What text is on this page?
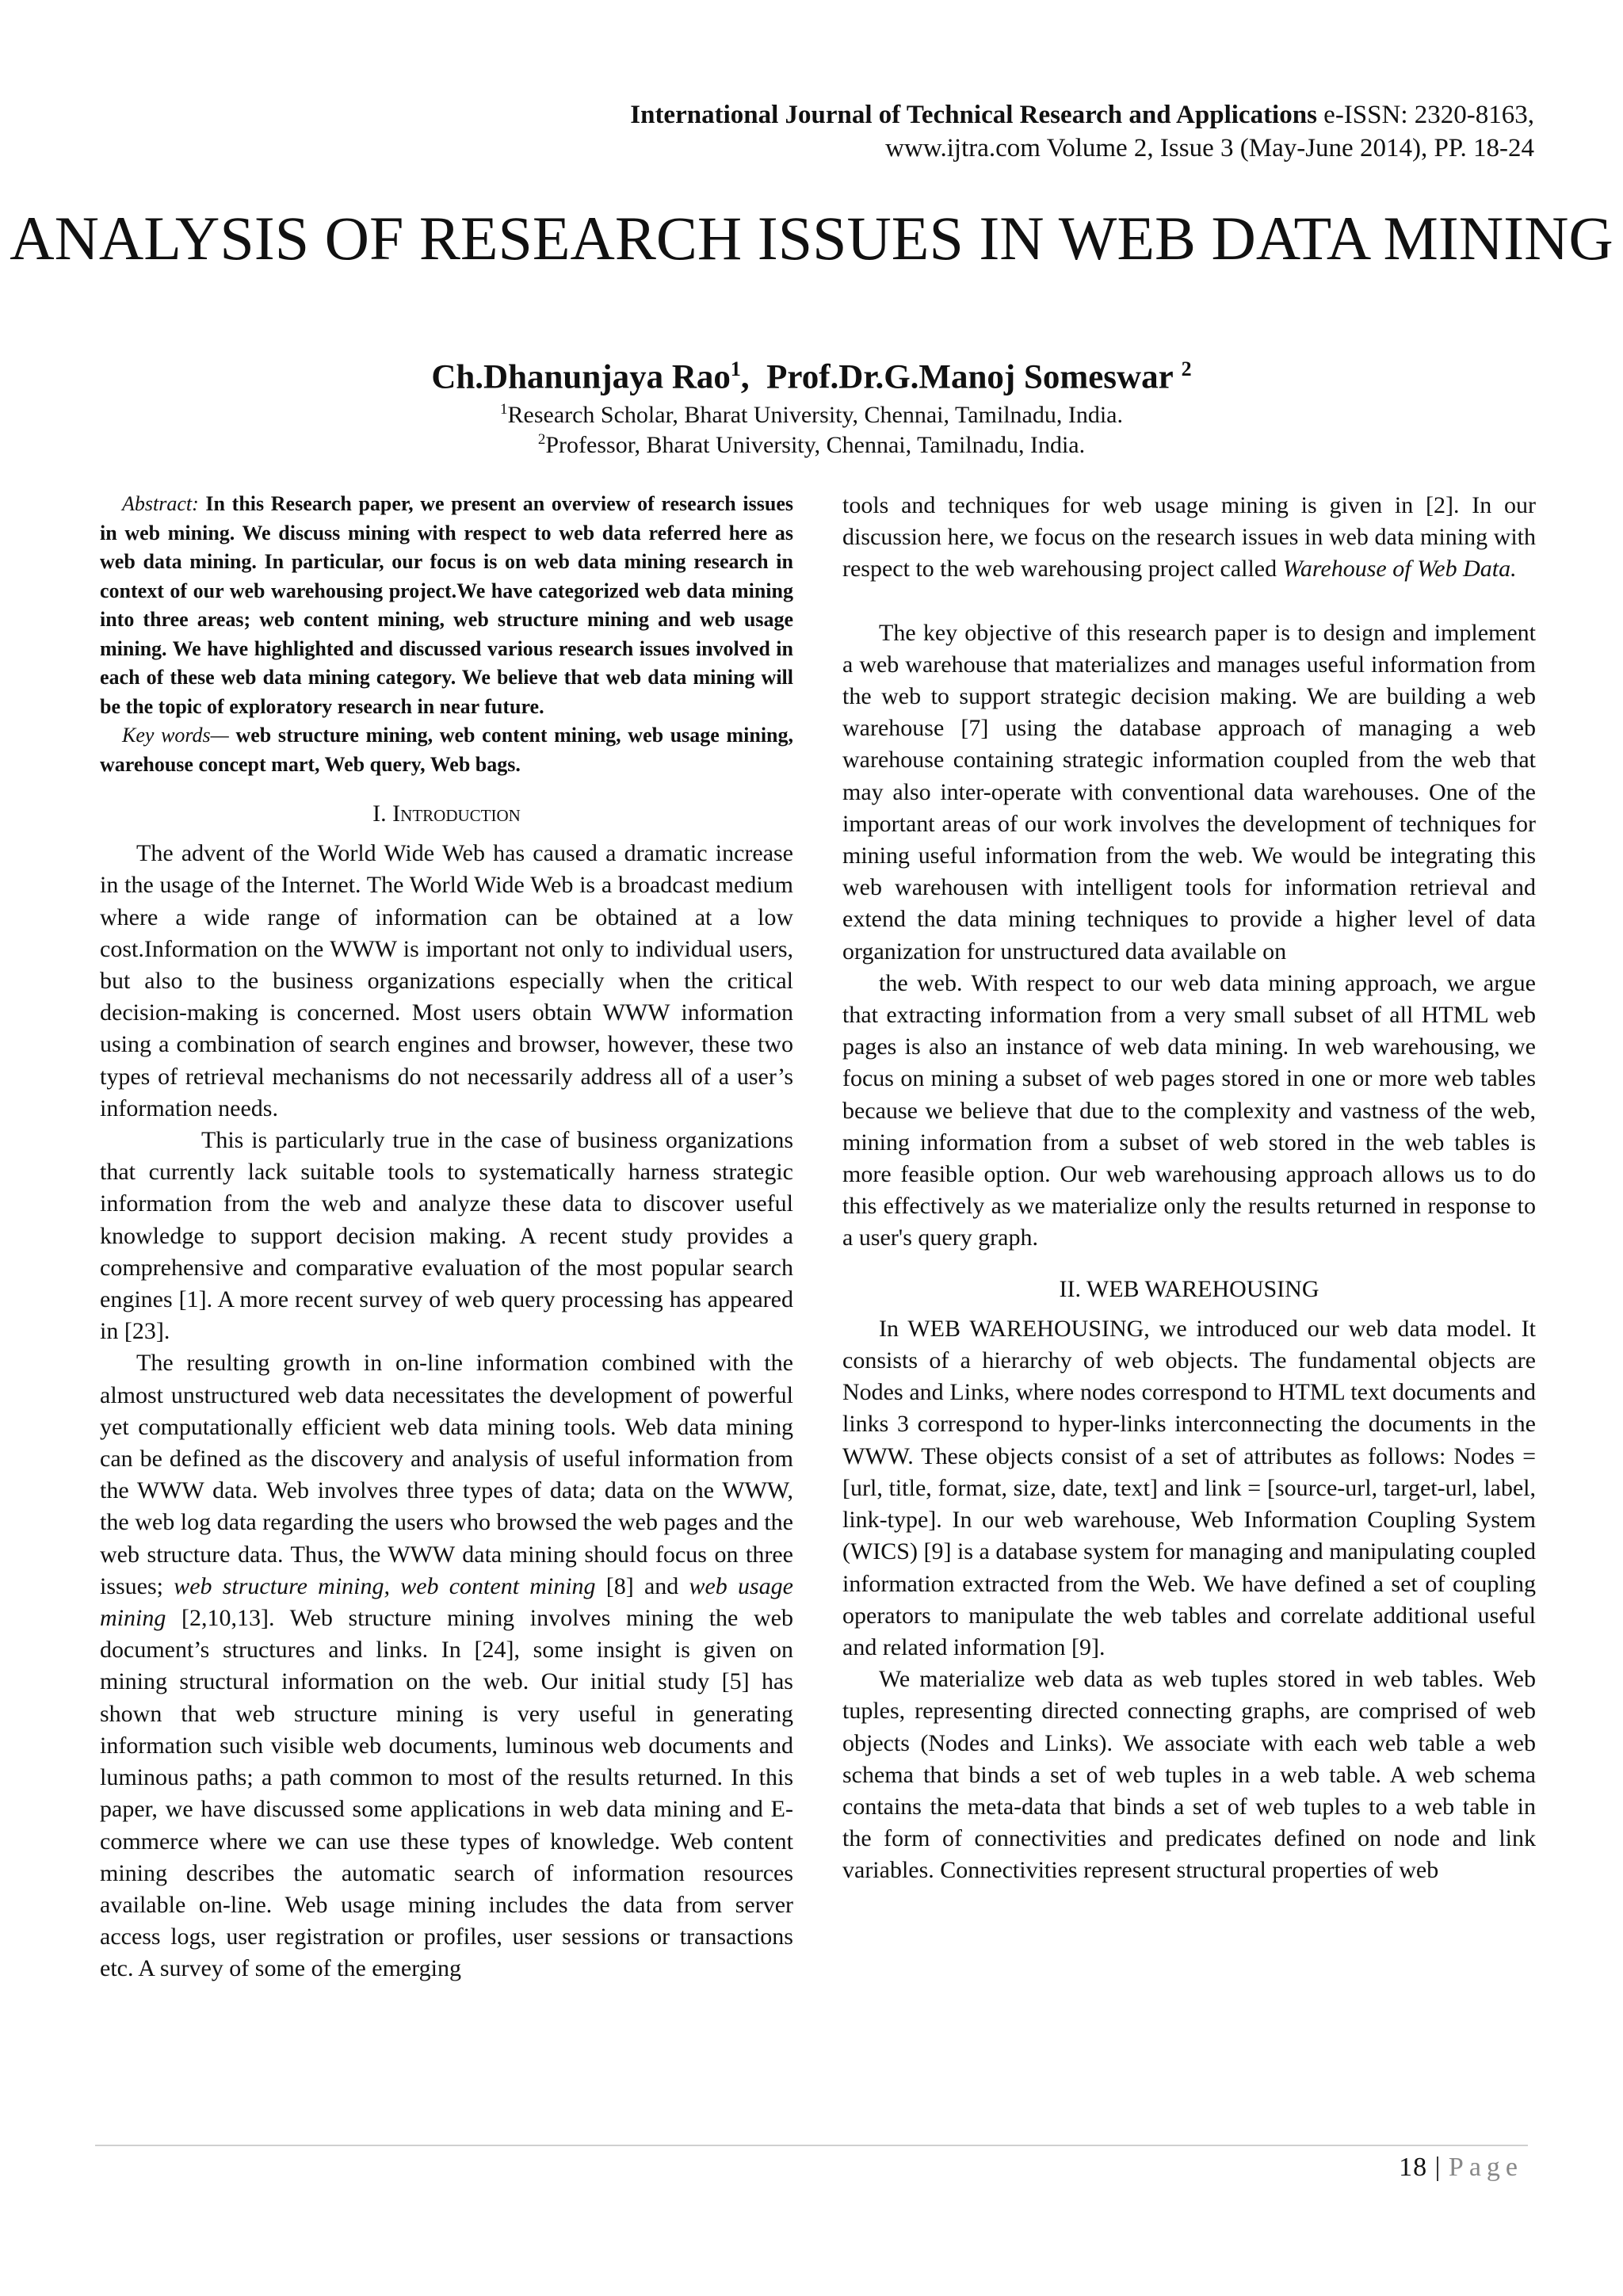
International Journal of Technical Research and Applications e-ISSN: 2320-8163,
www.ijtra.com Volume 2, Issue 3 (May-June 2014), PP. 18-24
ANALYSIS OF RESEARCH ISSUES IN WEB DATA MINING
Ch.Dhanunjaya Rao$^1$,  Prof.Dr.G.Manoj Someswar $^2$
$^1$Research Scholar, Bharat University, Chennai, Tamilnadu, India.
$^2$Professor, Bharat University, Chennai, Tamilnadu, India.

Abstract: In this Research paper, we present an overview of research issues in web mining. We discuss mining with respect to web data referred here as web data mining. In particular, our focus is on web data mining research in context of our web warehousing project.We have categorized web data mining into three areas; web content mining, web structure mining and web usage mining. We have highlighted and discussed various research issues involved in each of these web data mining category. We believe that web data mining will be the topic of exploratory research in near future.

Key words— web structure mining, web content mining, web usage mining, warehouse concept mart, Web query, Web bags.

I. Introduction

The advent of the World Wide Web has caused a dramatic increase in the usage of the Internet. The World Wide Web is a broadcast medium where a wide range of information can be obtained at a low cost.Information on the WWW is important not only to individual users, but also to the business organizations especially when the critical decision-making is concerned. Most users obtain WWW information using a combination of search engines and browser, however, these two types of retrieval mechanisms do not necessarily address all of a user’s information needs.

This is particularly true in the case of business organizations that currently lack suitable tools to systematically harness strategic information from the web and analyze these data to discover useful knowledge to support decision making. A recent study provides a comprehensive and comparative evaluation of the most popular search engines [1]. A more recent survey of web query processing has appeared in [23].

The resulting growth in on-line information combined with the almost unstructured web data necessitates the development of powerful yet computationally efficient web data mining tools. Web data mining can be defined as the discovery and analysis of useful information from the WWW data. Web involves three types of data; data on the WWW, the web log data regarding the users who browsed the web pages and the web structure data. Thus, the WWW data mining should focus on three issues; web structure mining, web content mining [8] and web usage mining [2,10,13]. Web structure mining involves mining the web document’s structures and links. In [24], some insight is given on mining structural information on the web. Our initial study [5] has shown that web structure mining is very useful in generating information such visible web documents, luminous web documents and luminous paths; a path common to most of the results returned. In this paper, we have discussed some applications in web data mining and E-commerce where we can use these types of knowledge. Web content mining describes the automatic search of information resources available on-line. Web usage mining includes the data from server access logs, user registration or profiles, user sessions or transactions etc. A survey of some of the emerging

tools and techniques for web usage mining is given in [2]. In our discussion here, we focus on the research issues in web data mining with respect to the web warehousing project called Warehouse of Web Data.

The key objective of this research paper is to design and implement a web warehouse that materializes and manages useful information from the web to support strategic decision making. We are building a web warehouse [7] using the database approach of managing a web warehouse containing strategic information coupled from the web that may also inter-operate with conventional data warehouses. One of the important areas of our work involves the development of techniques for mining useful information from the web. We would be integrating this web warehousen with intelligent tools for information retrieval and extend the data mining techniques to provide a higher level of data organization for unstructured data available on

the web. With respect to our web data mining approach, we argue that extracting information from a very small subset of all HTML web pages is also an instance of web data mining. In web warehousing, we focus on mining a subset of web pages stored in one or more web tables because we believe that due to the complexity and vastness of the web, mining information from a subset of web stored in the web tables is more feasible option. Our web warehousing approach allows us to do this effectively as we materialize only the results returned in response to a user's query graph.

II. WEB WAREHOUSING

In WEB WAREHOUSING, we introduced our web data model. It consists of a hierarchy of web objects. The fundamental objects are Nodes and Links, where nodes correspond to HTML text documents and links 3 correspond to hyper-links interconnecting the documents in the WWW. These objects consist of a set of attributes as follows: Nodes = [url, title, format, size, date, text] and link = [source-url, target-url, label, link-type]. In our web warehouse, Web Information Coupling System (WICS) [9] is a database system for managing and manipulating coupled information extracted from the Web. We have defined a set of coupling operators to manipulate the web tables and correlate additional useful and related information [9].

We materialize web data as web tuples stored in web tables. Web tuples, representing directed connecting graphs, are comprised of web objects (Nodes and Links). We associate with each web table a web schema that binds a set of web tuples in a web table. A web schema contains the meta-data that binds a set of web tuples to a web table in the form of connectivities and predicates defined on node and link variables. Connectivities represent structural properties of web

18 | Page
